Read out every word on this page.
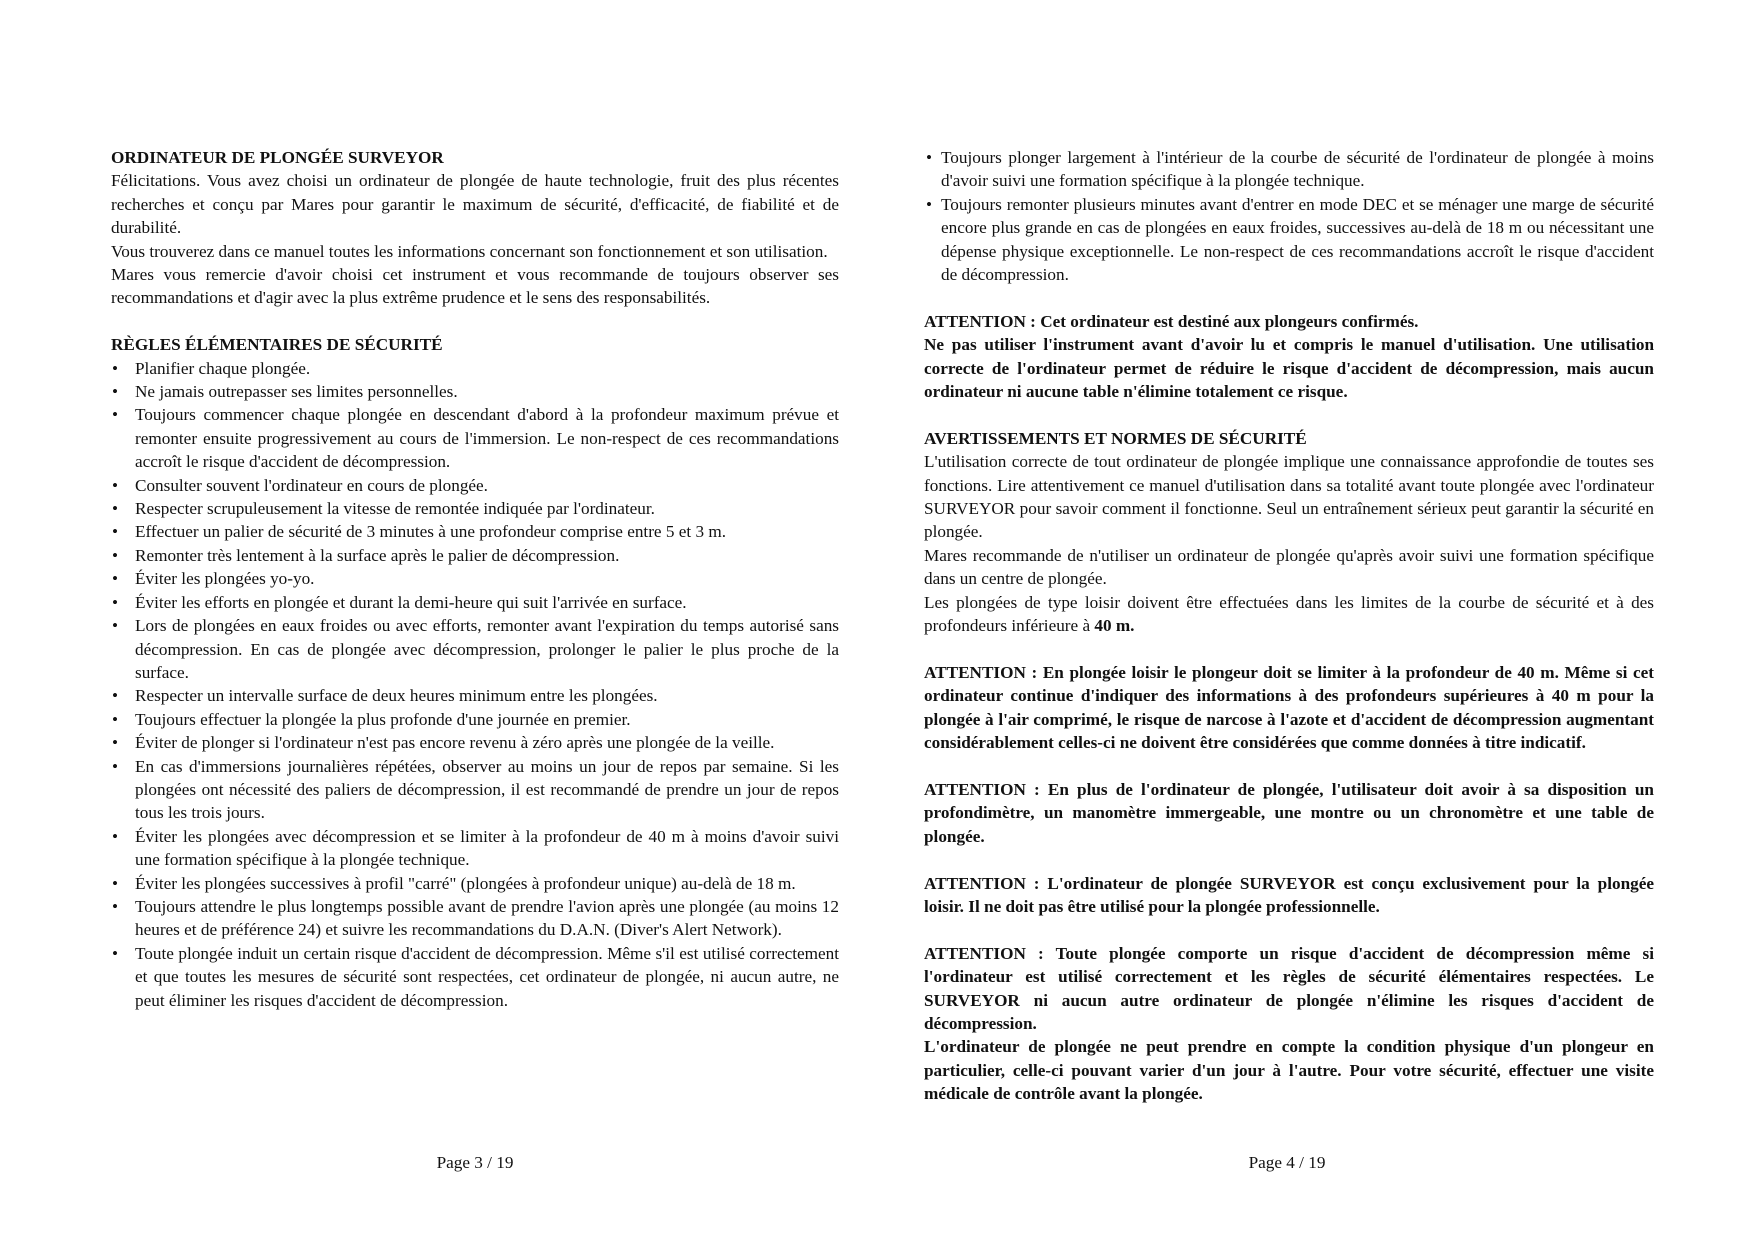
ORDINATEUR DE PLONGÉE SURVEYOR

Félicitations. Vous avez choisi un ordinateur de plongée de haute technologie, fruit des plus récentes recherches et conçu par Mares pour garantir le maximum de sécurité, d'efficacité, de fiabilité et de durabilité.

Vous trouverez dans ce manuel toutes les informations concernant son fonctionnement et son utilisation.

Mares vous remercie d'avoir choisi cet instrument et vous recommande de toujours observer ses recommandations et d'agir avec la plus extrême prudence et le sens des responsabilités.

RÈGLES ÉLÉMENTAIRES DE SÉCURITÉ

• Planifier chaque plongée.
• Ne jamais outrepasser ses limites personnelles.
• Toujours commencer chaque plongée en descendant d'abord à la profondeur maximum prévue et remonter ensuite progressivement au cours de l'immersion. Le non-respect de ces recommandations accroît le risque d'accident de décompression.
• Consulter souvent l'ordinateur en cours de plongée.
• Respecter scrupuleusement la vitesse de remontée indiquée par l'ordinateur.
• Effectuer un palier de sécurité de 3 minutes à une profondeur comprise entre 5 et 3 m.
• Remonter très lentement à la surface après le palier de décompression.
• Éviter les plongées yo-yo.
• Éviter les efforts en plongée et durant la demi-heure qui suit l'arrivée en surface.
• Lors de plongées en eaux froides ou avec efforts, remonter avant l'expiration du temps autorisé sans décompression. En cas de plongée avec décompression, prolonger le palier le plus proche de la surface.
• Respecter un intervalle surface de deux heures minimum entre les plongées.
• Toujours effectuer la plongée la plus profonde d'une journée en premier.
• Éviter de plonger si l'ordinateur n'est pas encore revenu à zéro après une plongée de la veille.
• En cas d'immersions journalières répétées, observer au moins un jour de repos par semaine. Si les plongées ont nécessité des paliers de décompression, il est recommandé de prendre un jour de repos tous les trois jours.
• Éviter les plongées avec décompression et se limiter à la profondeur de 40 m à moins d'avoir suivi une formation spécifique à la plongée technique.
• Éviter les plongées successives à profil "carré" (plongées à profondeur unique) au-delà de 18 m.
• Toujours attendre le plus longtemps possible avant de prendre l'avion après une plongée (au moins 12 heures et de préférence 24) et suivre les recommandations du D.A.N. (Diver's Alert Network).
• Toute plongée induit un certain risque d'accident de décompression. Même s'il est utilisé correctement et que toutes les mesures de sécurité sont respectées, cet ordinateur de plongée, ni aucun autre, ne peut éliminer les risques d'accident de décompression.
• Toujours plonger largement à l'intérieur de la courbe de sécurité de l'ordinateur de plongée à moins d'avoir suivi une formation spécifique à la plongée technique.
• Toujours remonter plusieurs minutes avant d'entrer en mode DEC et se ménager une marge de sécurité encore plus grande en cas de plongées en eaux froides, successives au-delà de 18 m ou nécessitant une dépense physique exceptionnelle. Le non-respect de ces recommandations accroît le risque d'accident de décompression.

ATTENTION : Cet ordinateur est destiné aux plongeurs confirmés.

Ne pas utiliser l'instrument avant d'avoir lu et compris le manuel d'utilisation. Une utilisation correcte de l'ordinateur permet de réduire le risque d'accident de décompression, mais aucun ordinateur ni aucune table n'élimine totalement ce risque.

AVERTISSEMENTS ET NORMES DE SÉCURITÉ

L'utilisation correcte de tout ordinateur de plongée implique une connaissance approfondie de toutes ses fonctions. Lire attentivement ce manuel d'utilisation dans sa totalité avant toute plongée avec l'ordinateur SURVEYOR pour savoir comment il fonctionne. Seul un entraînement sérieux peut garantir la sécurité en plongée.

Mares recommande de n'utiliser un ordinateur de plongée qu'après avoir suivi une formation spécifique dans un centre de plongée.

Les plongées de type loisir doivent être effectuées dans les limites de la courbe de sécurité et à des profondeurs inférieure à 40 m.

ATTENTION : En plongée loisir le plongeur doit se limiter à la profondeur de 40 m. Même si cet ordinateur continue d'indiquer des informations à des profondeurs supérieures à 40 m pour la plongée à l'air comprimé, le risque de narcose à l'azote et d'accident de décompression augmentant considérablement celles-ci ne doivent être considérées que comme données à titre indicatif.

ATTENTION : En plus de l'ordinateur de plongée, l'utilisateur doit avoir à sa disposition un profondimètre, un manomètre immergeable, une montre ou un chronomètre et une table de plongée.

ATTENTION : L'ordinateur de plongée SURVEYOR est conçu exclusivement pour la plongée loisir. Il ne doit pas être utilisé pour la plongée professionnelle.

ATTENTION : Toute plongée comporte un risque d'accident de décompression même si l'ordinateur est utilisé correctement et les règles de sécurité élémentaires respectées. Le SURVEYOR ni aucun autre ordinateur de plongée n'élimine les risques d'accident de décompression.

L'ordinateur de plongée ne peut prendre en compte la condition physique d'un plongeur en particulier, celle-ci pouvant varier d'un jour à l'autre. Pour votre sécurité, effectuer une visite médicale de contrôle avant la plongée.

Page 3 / 19	Page 4 / 19
